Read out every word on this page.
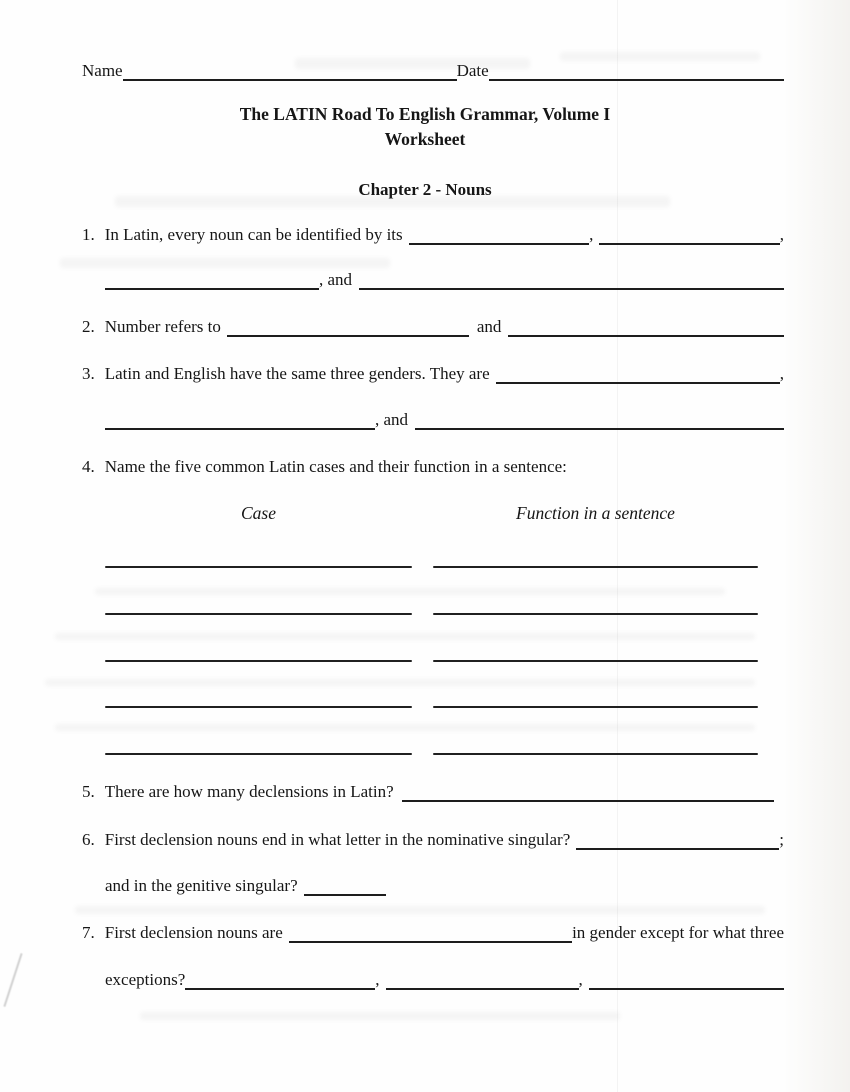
Name	Date
The LATIN Road To English Grammar, Volume I
Worksheet
Chapter 2 - Nouns
1. In Latin, every noun can be identified by its	,	,
, and
2. Number refers to	and
3. Latin and English have the same three genders. They are	,
, and
4. Name the five common Latin cases and their function in a sentence:
Case	Function in a sentence
5. There are how many declensions in Latin?
6. First declension nouns end in what letter in the nominative singular?	;
and in the genitive singular?
7. First declension nouns are	in gender except for what three
exceptions?	,	,
